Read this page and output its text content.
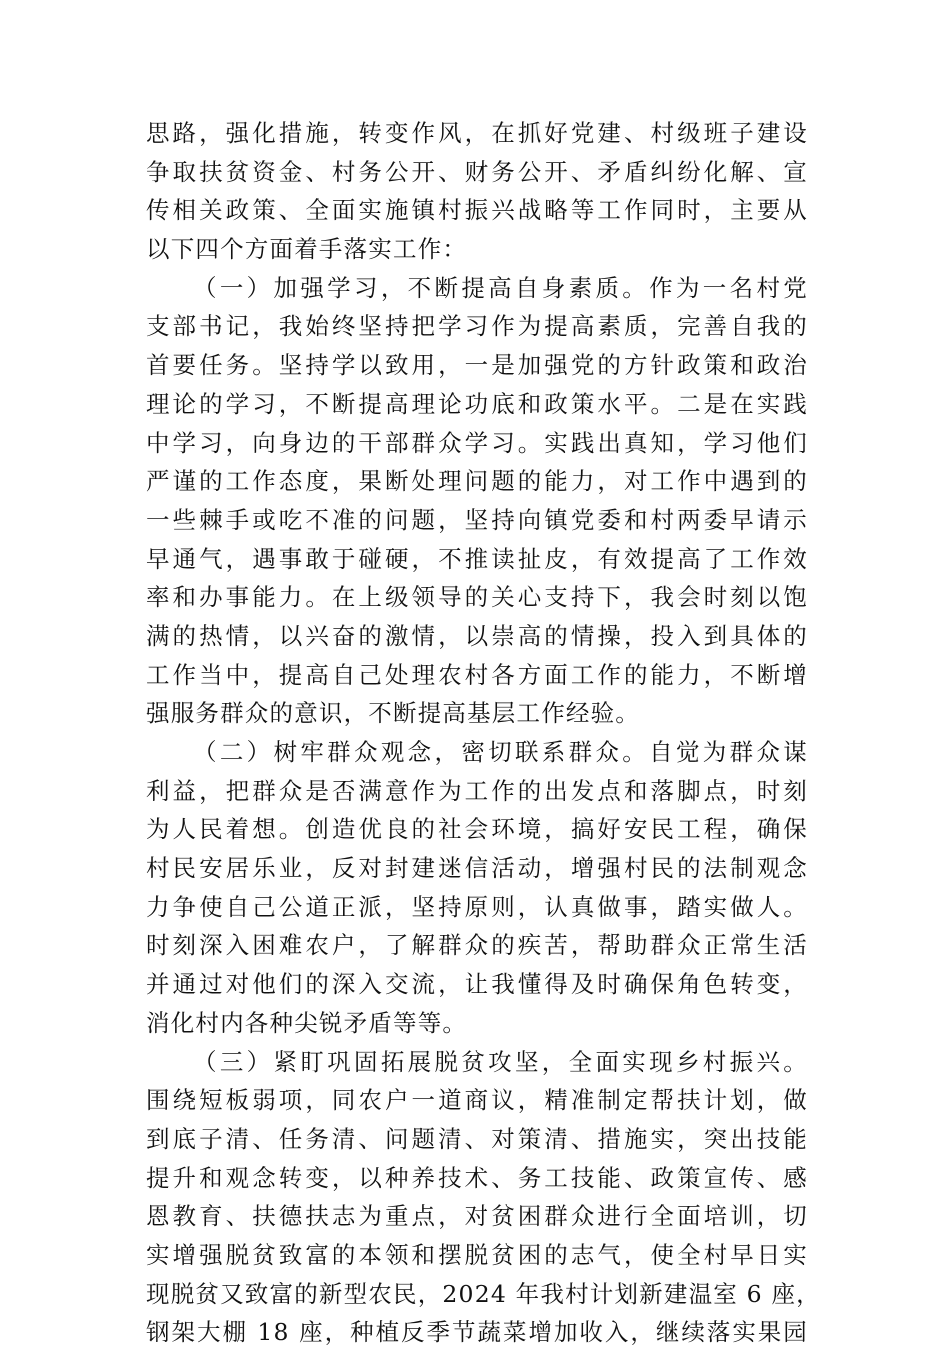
思路，强化措施，转变作风，在抓好党建、村级班子建设
争取扶贫资金、村务公开、财务公开、矛盾纠纷化解、宣
传相关政策、全面实施镇村振兴战略等工作同时，主要从
以下四个方面着手落实工作：
（一）加强学习，不断提高自身素质。作为一名村党
支部书记，我始终坚持把学习作为提高素质，完善自我的
首要任务。坚持学以致用，一是加强党的方针政策和政治
理论的学习，不断提高理论功底和政策水平。二是在实践
中学习，向身边的干部群众学习。实践出真知，学习他们
严谨的工作态度，果断处理问题的能力，对工作中遇到的
一些棘手或吃不准的问题，坚持向镇党委和村两委早请示
早通气，遇事敢于碰硬，不推读扯皮，有效提高了工作效
率和办事能力。在上级领导的关心支持下，我会时刻以饱
满的热情，以兴奋的激情，以崇高的情操，投入到具体的
工作当中，提高自己处理农村各方面工作的能力，不断增
强服务群众的意识，不断提高基层工作经验。
（二）树牢群众观念，密切联系群众。自觉为群众谋
利益，把群众是否满意作为工作的出发点和落脚点，时刻
为人民着想。创造优良的社会环境，搞好安民工程，确保
村民安居乐业，反对封建迷信活动，增强村民的法制观念
力争使自己公道正派，坚持原则，认真做事，踏实做人。
时刻深入困难农户，了解群众的疾苦，帮助群众正常生活
并通过对他们的深入交流，让我懂得及时确保角色转变，
消化村内各种尖锐矛盾等等。
（三）紧盯巩固拓展脱贫攻坚，全面实现乡村振兴。
围绕短板弱项，同农户一道商议，精准制定帮扶计划，做
到底子清、任务清、问题清、对策清、措施实，突出技能
提升和观念转变，以种养技术、务工技能、政策宣传、感
恩教育、扶德扶志为重点，对贫困群众进行全面培训，切
实增强脱贫致富的本领和摆脱贫困的志气，使全村早日实
现脱贫又致富的新型农民，2024 年我村计划新建温室 6 座，
钢架大棚 18 座，种植反季节蔬菜增加收入，继续落实果园
